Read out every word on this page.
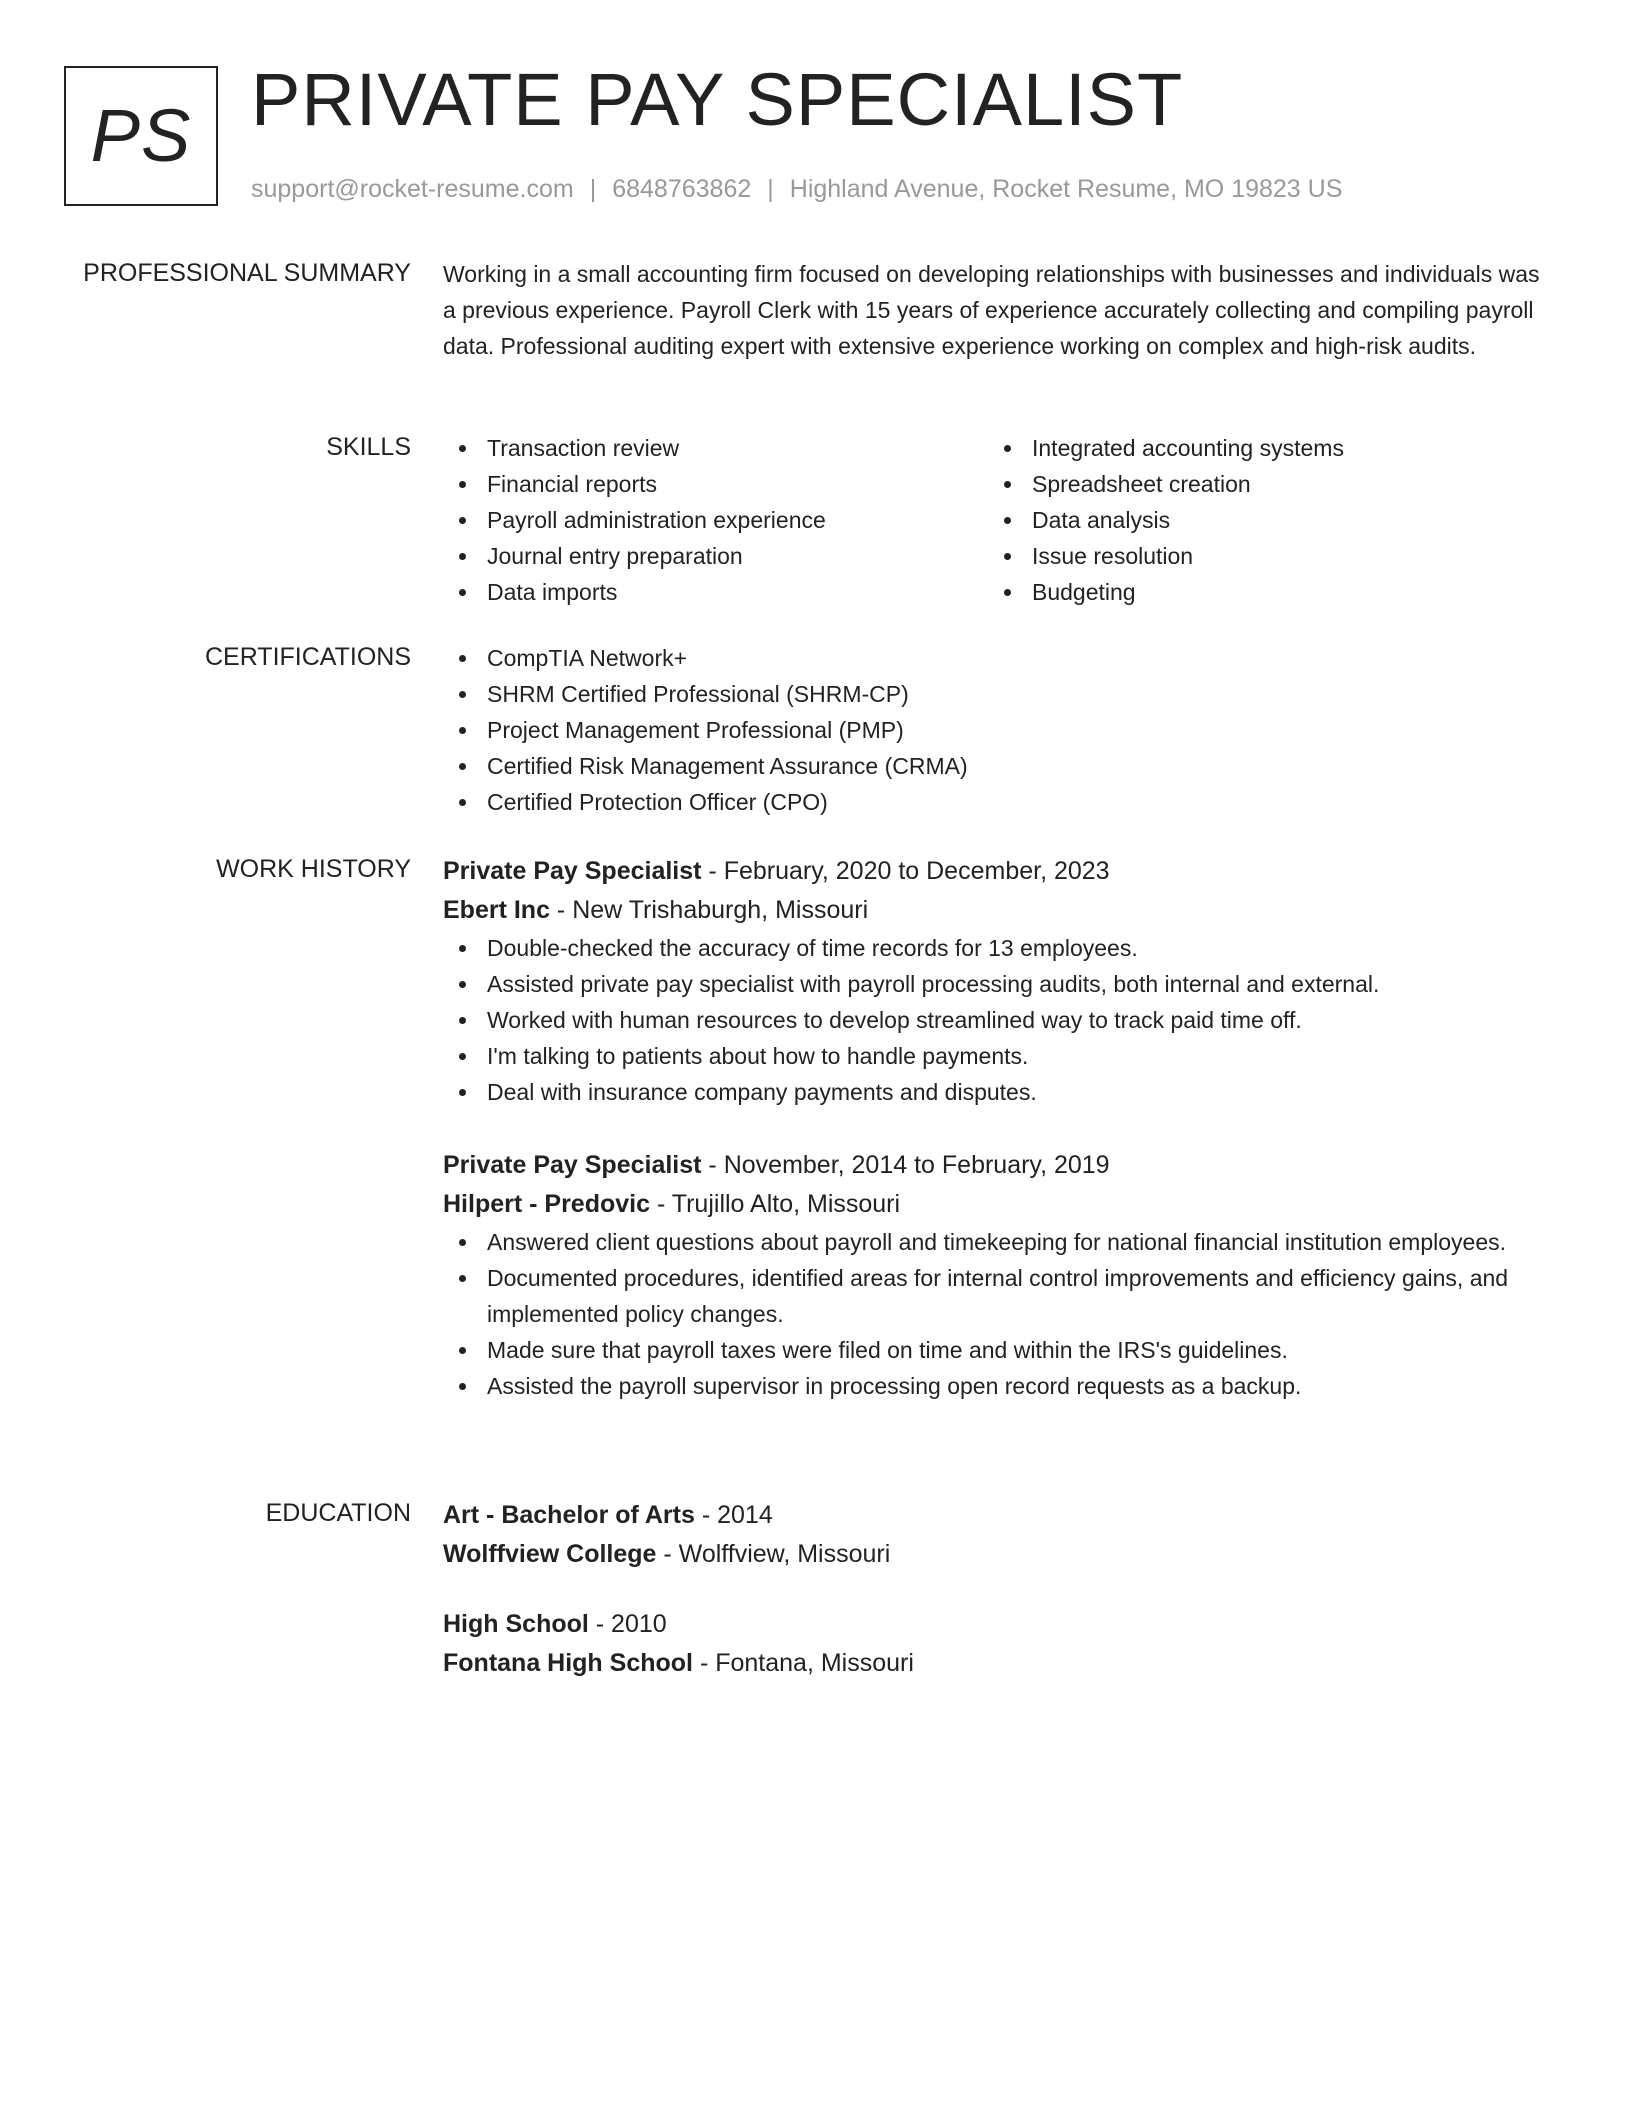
PS PRIVATE PAY SPECIALIST
support@rocket-resume.com | 6848763862 | Highland Avenue, Rocket Resume, MO 19823 US
PROFESSIONAL SUMMARY Working in a small accounting firm focused on developing relationships with businesses and individuals was a previous experience. Payroll Clerk with 15 years of experience accurately collecting and compiling payroll data. Professional auditing expert with extensive experience working on complex and high-risk audits.

SKILLS	Transaction review
Financial reports
Payroll administration experience
Journal entry preparation
Data imports
Integrated accounting systems
Spreadsheet creation
Data analysis
Issue resolution
Budgeting
CERTIFICATIONS	CompTIA Network+
SHRM Certified Professional (SHRM-CP)
Project Management Professional (PMP)
Certified Risk Management Assurance (CRMA)
Certified Protection Officer (CPO)
WORK HISTORY Private Pay Specialist - February, 2020 to December, 2023
Ebert Inc - New Trishaburgh, Missouri
Double-checked the accuracy of time records for 13 employees.
Assisted private pay specialist with payroll processing audits, both internal and external.
Worked with human resources to develop streamlined way to track paid time off.
I'm talking to patients about how to handle payments.
Deal with insurance company payments and disputes.
Private Pay Specialist - November, 2014 to February, 2019
Hilpert - Predovic - Trujillo Alto, Missouri
Answered client questions about payroll and timekeeping for national financial institution employees.
Documented procedures, identified areas for internal control improvements and efficiency gains, and implemented policy changes.
Made sure that payroll taxes were filed on time and within the IRS's guidelines.
Assisted the payroll supervisor in processing open record requests as a backup.
EDUCATION Art - Bachelor of Arts - 2014
Wolffview College - Wolffview, Missouri
High School - 2010
Fontana High School - Fontana, Missouri
